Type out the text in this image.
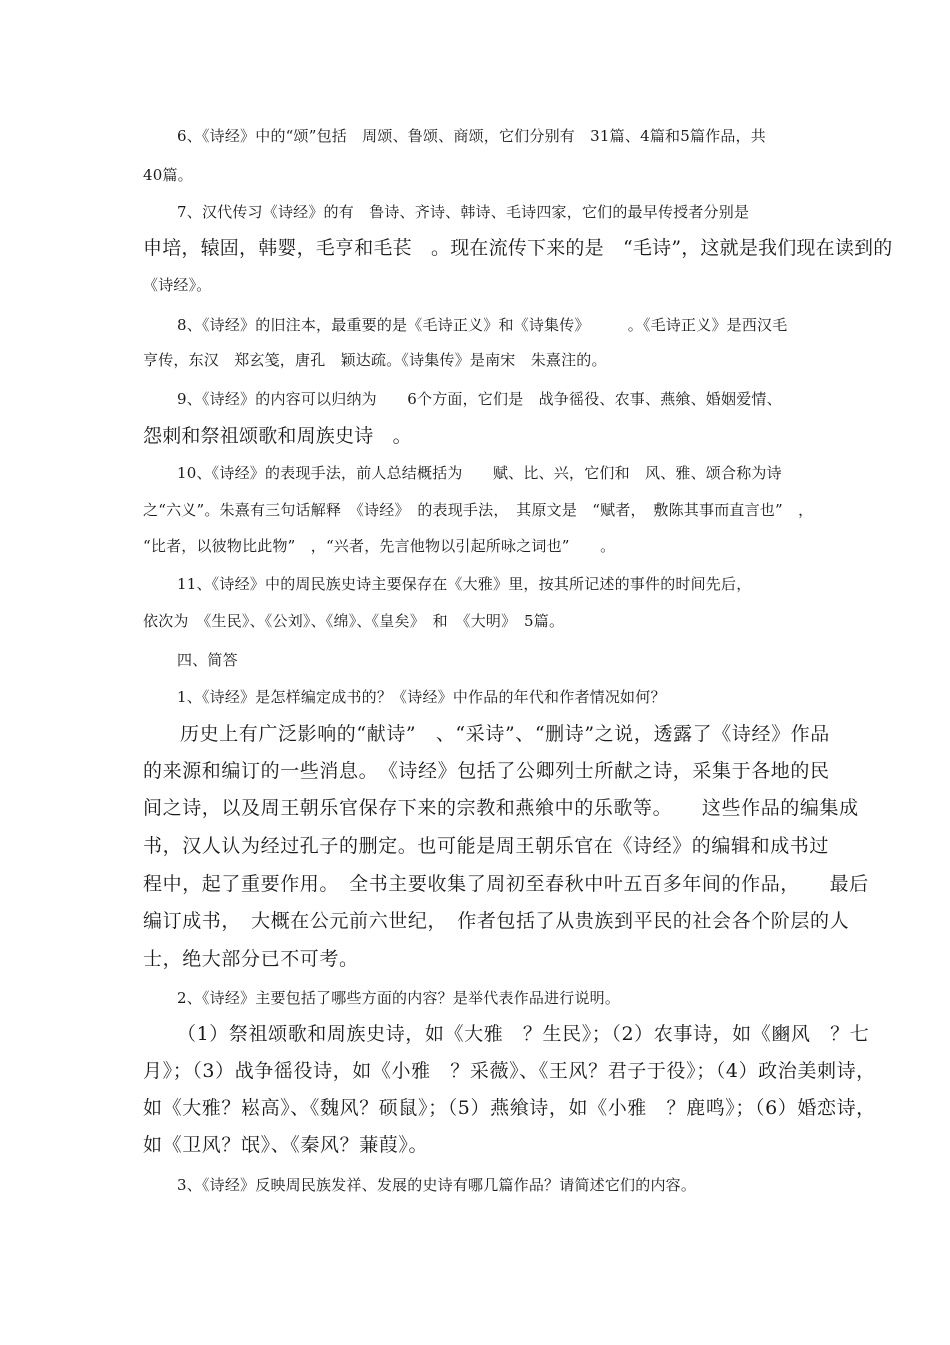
6、《诗经》中的“颂”包括　周颂、鲁颂、商颂，它们分别有　31篇、4篇和5篇作品，共
40篇。
7、汉代传习《诗经》的有　鲁诗、齐诗、韩诗、毛诗四家，它们的最早传授者分别是
申培，辕固，韩婴，毛亨和毛苌　。现在流传下来的是　“毛诗”，这就是我们现在读到的
《诗经》。
8、《诗经》的旧注本，最重要的是《毛诗正义》和《诗集传》　　　。《毛诗正义》是西汉毛
亨传，东汉　郑玄笺，唐孔　颖达疏。《诗集传》是南宋　朱熹注的。
9、《诗经》的内容可以归纳为　　6个方面，它们是　战争徭役、农事、燕飨、婚姻爱情、
怨刺和祭祖颂歌和周族史诗　。
10、《诗经》的表现手法，前人总结概括为　　赋、比、兴，它们和　风、雅、颂合称为诗
之“六义”。朱熹有三句话解释　《诗经》　的表现手法，　其原文是　“赋者，　敷陈其事而直言也”　，
“比者，以彼物比此物”　，“兴者，先言他物以引起所咏之词也”　　。
11、《诗经》中的周民族史诗主要保存在《大雅》里，按其所记述的事件的时间先后，
依次为　《生民》、《公刘》、《绵》、《皇矣》　和　《大明》　5篇。
四、简答
1、《诗经》是怎样编定成书的？《诗经》中作品的年代和作者情况如何？
历史上有广泛影响的“献诗”　、“采诗”、“删诗”之说，透露了《诗经》作品
的来源和编订的一些消息。　《诗经》包括了公卿列士所献之诗，采集于各地的民
间之诗，以及周王朝乐官保存下来的宗教和燕飨中的乐歌等。　　这些作品的编集成
书，汉人认为经过孔子的删定。也可能是周王朝乐官在《诗经》的编辑和成书过
程中，起了重要作用。　全书主要收集了周初至春秋中叶五百多年间的作品，　　最后
编订成书，　大概在公元前六世纪，　作者包括了从贵族到平民的社会各个阶层的人
士，绝大部分已不可考。
2、《诗经》主要包括了哪些方面的内容？是举代表作品进行说明。
（1）祭祖颂歌和周族史诗，如《大雅　？生民》；（2）农事诗，如《豳风　？七
月》；（3）战争徭役诗，如《小雅　？采薇》、《王风？君子于役》；（4）政治美刺诗，
如《大雅？崧高》、《魏风？硕鼠》；（5）燕飨诗，如《小雅　？鹿鸣》；（6）婚恋诗，
如《卫风？氓》、《秦风？蒹葭》。
3、《诗经》反映周民族发祥、发展的史诗有哪几篇作品？请简述它们的内容。
